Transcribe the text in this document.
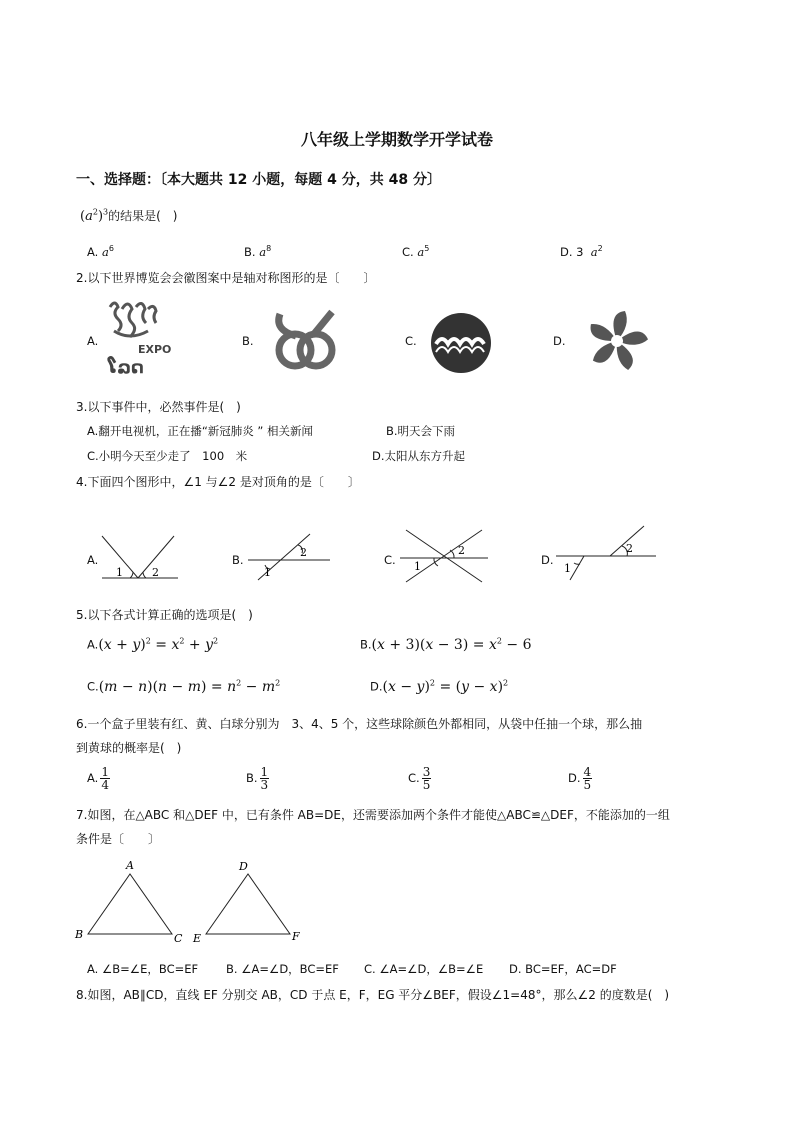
八年级上学期数学开学试卷
一、选择题：〔本大题共 12 小题，每题 4 分，共 48 分〕
$(a^2)^3$的结果是(　)
A. $a^6$	B. $a^8$	C. $a^5$	D. 3 $a^2$
2.以下世界博览会会徽图案中是轴对称图形的是〔　　〕
A.	B.	C.	D.
EXPO
ໂລດ
3.以下事件中，必然事件是(　)
A.翻开电视机，正在播“新冠肺炎 ” 相关新闻	B.明天会下雨
C.小明今天至少走了　100　米	D.太阳从东方升起
4.下面四个图形中，∠1 与∠2 是对顶角的是〔　　〕
A.	B.	C.	D.
1	2	1
2
1
2
1
2
5.以下各式计算正确的选项是(　)
$A.(x + y)^2 = x^2 + y^2$	$B.(x + 3)(x - 3) = x^2 - 6$
$C.(m - n)(n - m) = n^2 - m^2$	$D.(x - y)^2 = (y - x)^2$
6.一个盒子里装有红、黄、白球分别为　3、4、5 个，这些球除颜色外都相同，从袋中任抽一个球，那么抽
到黄球的概率是(　)
A. $\frac{1}{4}$	B. $\frac{1}{3}$	C. $\frac{3}{5}$	D. $\frac{4}{5}$
7.如图，在△ABC 和△DEF 中，已有条件 AB=DE，还需要添加两个条件才能使△ABC≌△DEF，不能添加的一组
条件是〔　　〕
A
B	C
D
E	F
A. ∠B=∠E，BC=EF B. ∠A=∠D，BC=EF C. ∠A=∠D，∠B=∠E D. BC=EF，AC=DF
8.如图，AB∥CD，直线 EF 分别交 AB，CD 于点 E，F，EG 平分∠BEF，假设∠1=48°，那么∠2 的度数是(　)
